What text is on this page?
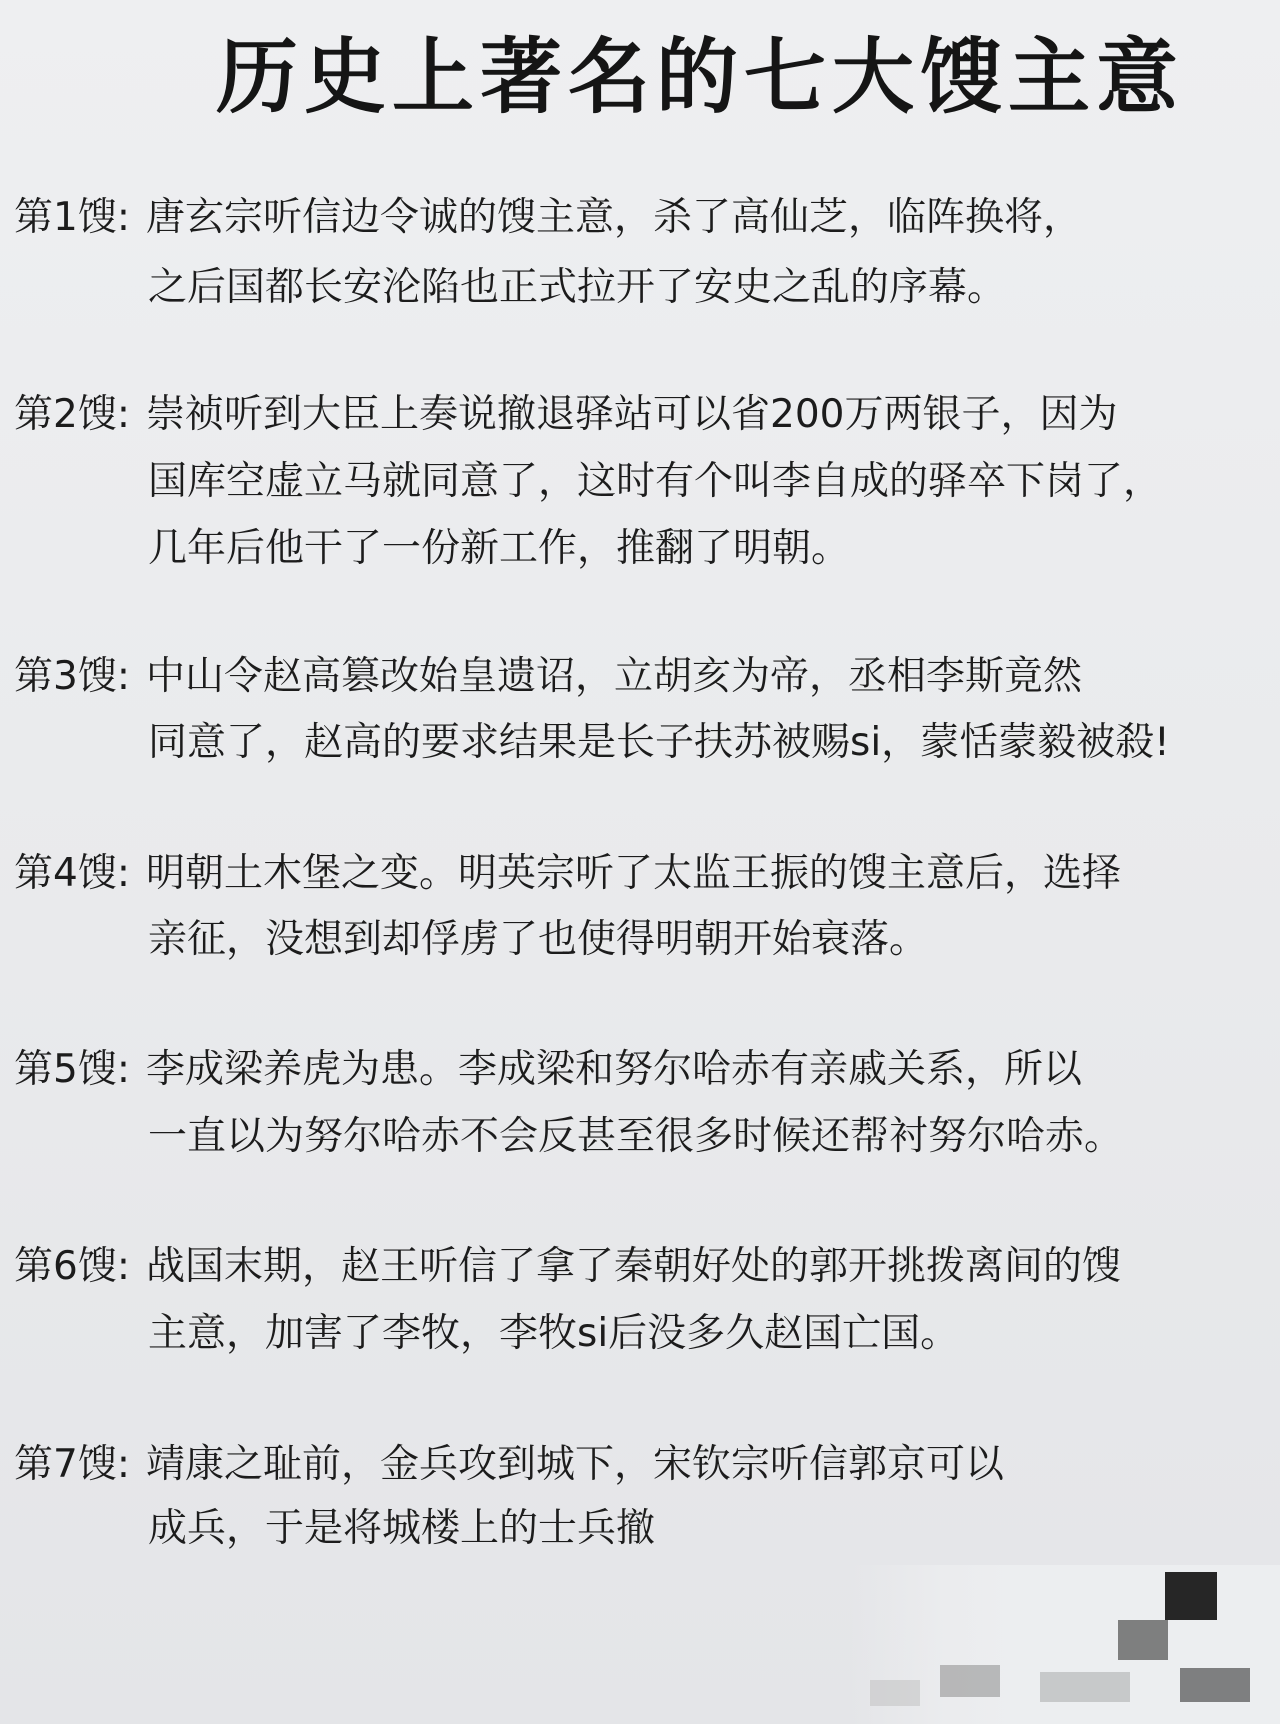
历史上著名的七大馊主意
第1馊: 唐玄宗听信边令诚的馊主意，杀了高仙芝，临阵换将，
之后国都长安沦陷也正式拉开了安史之乱的序幕。
第2馊: 崇祯听到大臣上奏说撤退驿站可以省200万两银子，因为
国库空虚立马就同意了，这时有个叫李自成的驿卒下岗了，
几年后他干了一份新工作，推翻了明朝。
第3馊: 中山令赵高篡改始皇遗诏，立胡亥为帝，丞相李斯竟然
同意了，赵高的要求结果是长子扶苏被赐si，蒙恬蒙毅被殺!
第4馊: 明朝土木堡之变。明英宗听了太监王振的馊主意后，选择
亲征，没想到却俘虏了也使得明朝开始衰落。
第5馊: 李成梁养虎为患。李成梁和努尔哈赤有亲戚关系，所以
一直以为努尔哈赤不会反甚至很多时候还帮衬努尔哈赤。
第6馊: 战国末期，赵王听信了拿了秦朝好处的郭开挑拨离间的馊
主意，加害了李牧，李牧si后没多久赵国亡国。
第7馊: 靖康之耻前，金兵攻到城下，宋钦宗听信郭京可以
成兵，于是将城楼上的士兵撤
